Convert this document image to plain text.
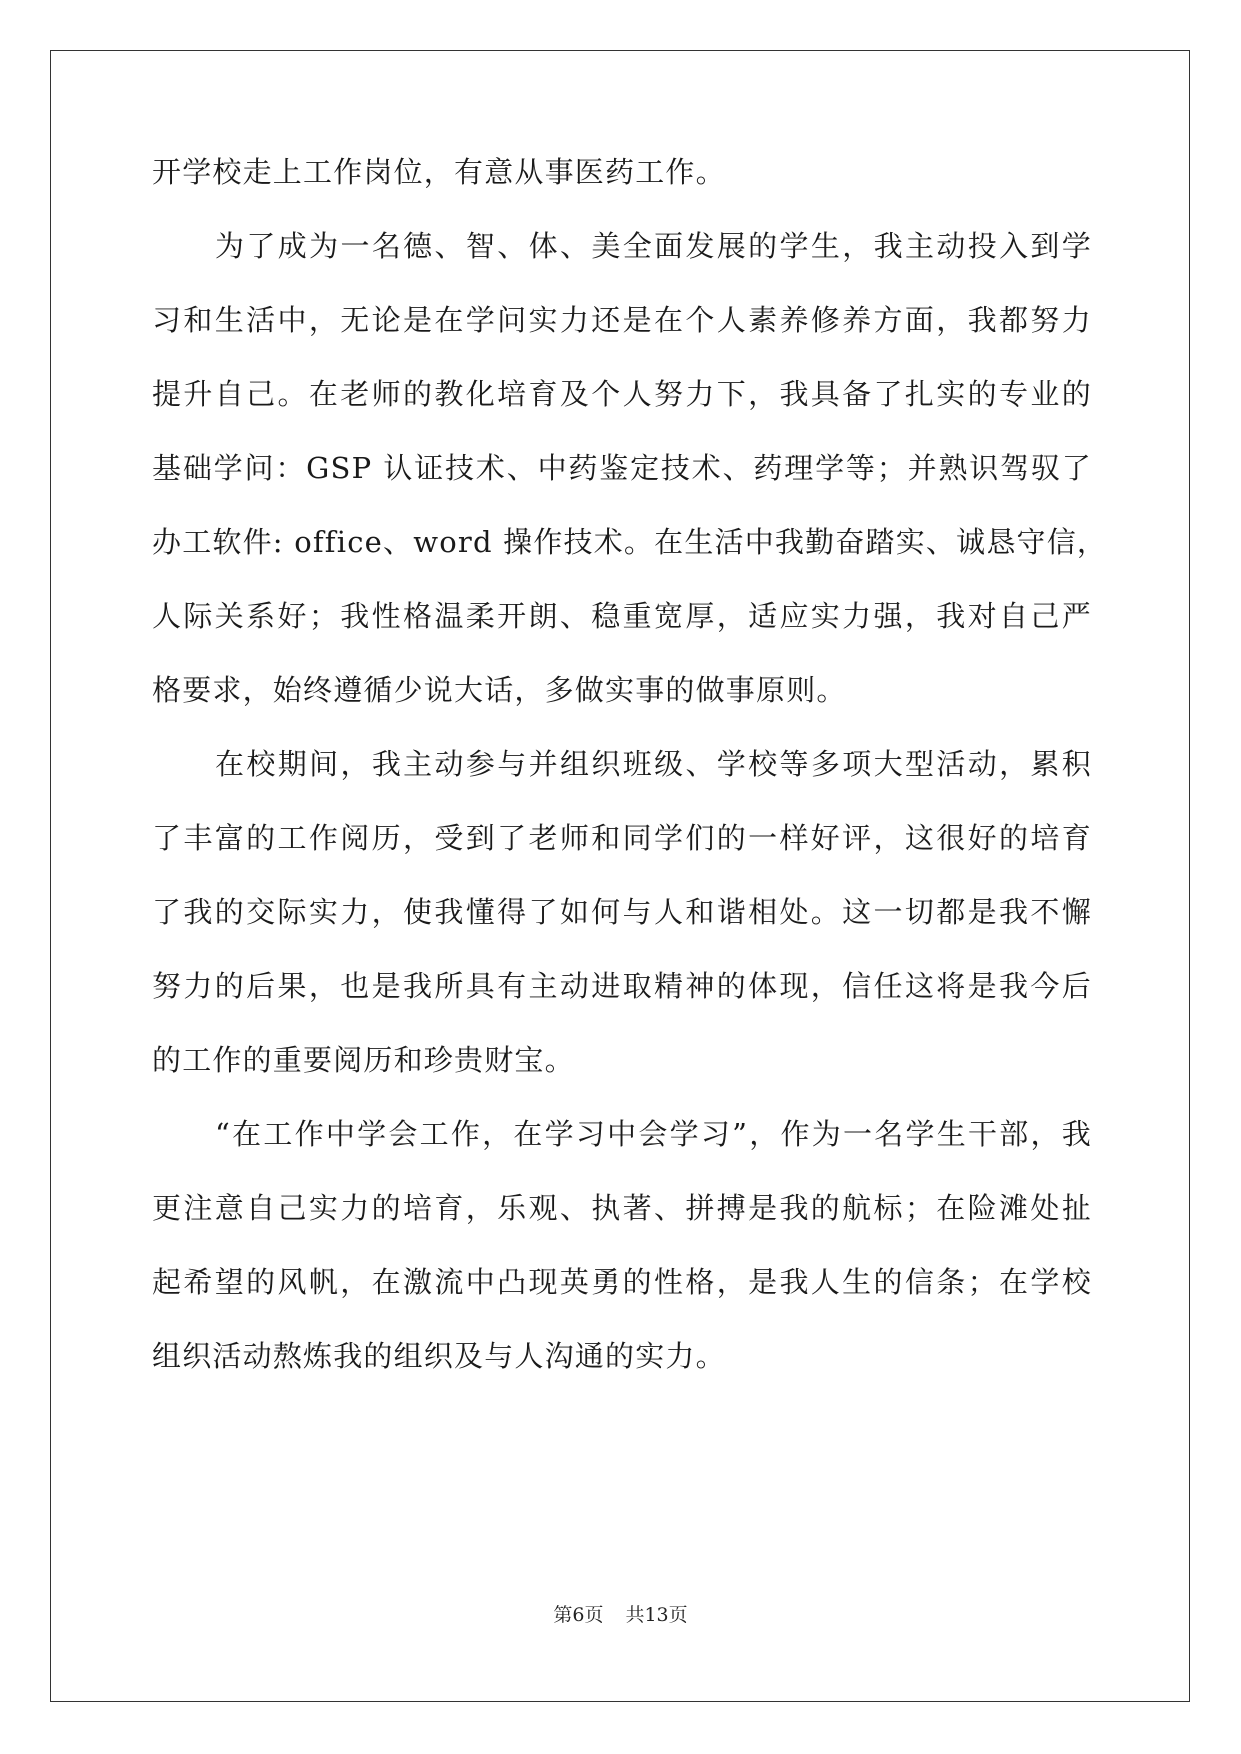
开学校走上工作岗位，有意从事医药工作。
为了成为一名德、智、体、美全面发展的学生，我主动投入到学
习和生活中，无论是在学问实力还是在个人素养修养方面，我都努力
提升自己。在老师的教化培育及个人努力下，我具备了扎实的专业的
基础学问：GSP 认证技术、中药鉴定技术、药理学等；并熟识驾驭了
办工软件: office、word 操作技术。在生活中我勤奋踏实、诚恳守信，
人际关系好；我性格温柔开朗、稳重宽厚，适应实力强，我对自己严
格要求，始终遵循少说大话，多做实事的做事原则。
在校期间，我主动参与并组织班级、学校等多项大型活动，累积
了丰富的工作阅历，受到了老师和同学们的一样好评，这很好的培育
了我的交际实力，使我懂得了如何与人和谐相处。这一切都是我不懈
努力的后果，也是我所具有主动进取精神的体现，信任这将是我今后
的工作的重要阅历和珍贵财宝。
“在工作中学会工作，在学习中会学习”，作为一名学生干部，我
更注意自己实力的培育，乐观、执著、拼搏是我的航标；在险滩处扯
起希望的风帆，在激流中凸现英勇的性格，是我人生的信条；在学校
组织活动熬炼我的组织及与人沟通的实力。
第6页 共13页
